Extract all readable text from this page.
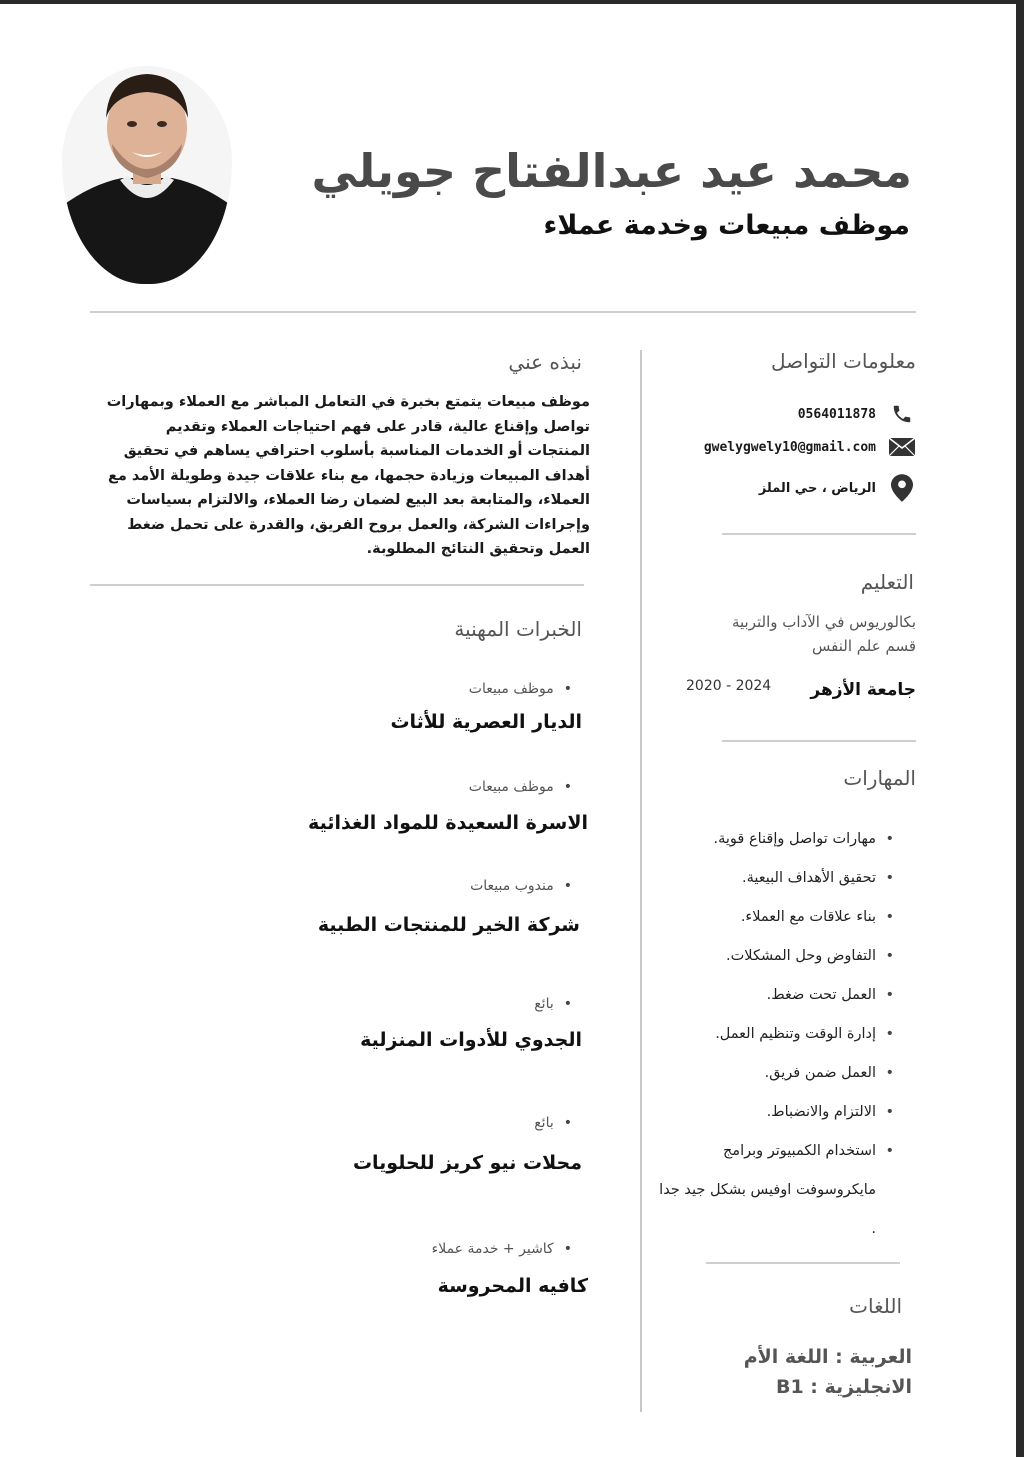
محمد عيد عبدالفتاح جويلي
موظف مبيعات وخدمة عملاء
معلومات التواصل
0564011878
gwelygwely10@gmail.com
الرياض ، حي الملز
التعليم
بكالوريوس في الآداب والتربية
قسم علم النفس
جامعة الأزهر
2020 - 2024
المهارات
• مهارات تواصل وإقناع قوية.
• تحقيق الأهداف البيعية.
• بناء علاقات مع العملاء.
• التفاوض وحل المشكلات.
• العمل تحت ضغط.
• إدارة الوقت وتنظيم العمل.
• العمل ضمن فريق.
• الالتزام والانضباط.
• استخدام الكمبيوتر وبرامج مايكروسوفت اوفيس بشكل جيد جدا .
اللغات
العربية : اللغة الأم
الانجليزية : B1
نبذه عني
موظف مبيعات يتمتع بخبرة في التعامل المباشر مع العملاء وبمهارات تواصل وإقناع عالية، قادر على فهم احتياجات العملاء وتقديم المنتجات أو الخدمات المناسبة بأسلوب احترافي يساهم في تحقيق أهداف المبيعات وزيادة حجمها، مع بناء علاقات جيدة وطويلة الأمد مع العملاء، والمتابعة بعد البيع لضمان رضا العملاء، والالتزام بسياسات وإجراءات الشركة، والعمل بروح الفريق، والقدرة على تحمل ضغط العمل وتحقيق النتائج المطلوبة.
الخبرات المهنية
• موظف مبيعات
الديار العصرية للأثاث
• موظف مبيعات
الاسرة السعيدة للمواد الغذائية
• مندوب مبيعات
شركة الخير للمنتجات الطبية
• بائع
الجدوي للأدوات المنزلية
• بائع
محلات نيو كريز للحلويات
• كاشير + خدمة عملاء
كافيه المحروسة
